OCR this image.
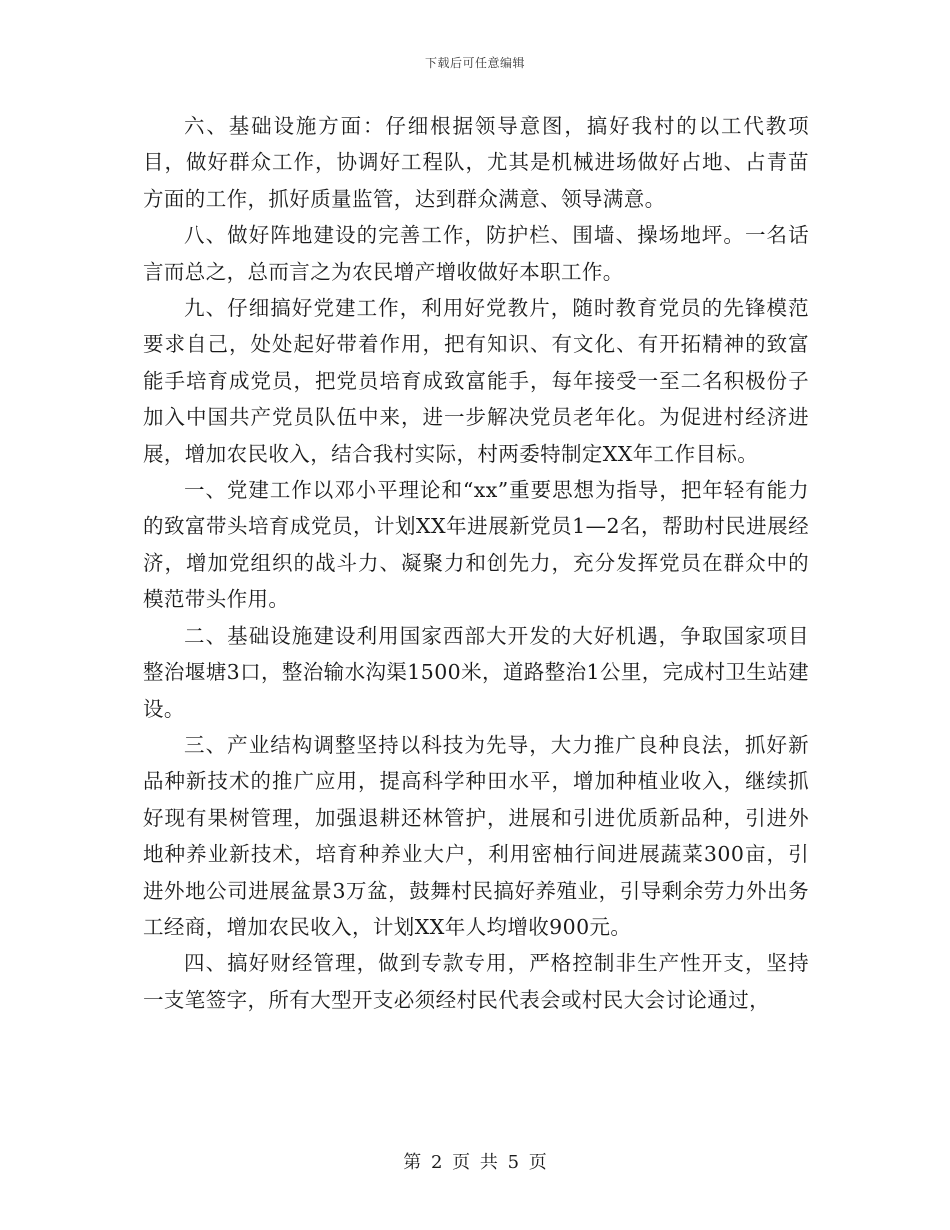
下载后可任意编辑

六、基础设施方面：仔细根据领导意图，搞好我村的以工代教项目，做好群众工作，协调好工程队，尤其是机械进场做好占地、占青苗方面的工作，抓好质量监管，达到群众满意、领导满意。

八、做好阵地建设的完善工作，防护栏、围墙、操场地坪。一名话言而总之，总而言之为农民增产增收做好本职工作。

九、仔细搞好党建工作，利用好党教片，随时教育党员的先锋模范要求自己，处处起好带着作用，把有知识、有文化、有开拓精神的致富能手培育成党员，把党员培育成致富能手，每年接受一至二名积极份子加入中国共产党员队伍中来，进一步解决党员老年化。为促进村经济进展，增加农民收入，结合我村实际，村两委特制定XX年工作目标。

一、党建工作以邓小平理论和“xx”重要思想为指导，把年轻有能力的致富带头培育成党员，计划XX年进展新党员1—2名，帮助村民进展经济，增加党组织的战斗力、凝聚力和创先力，充分发挥党员在群众中的模范带头作用。

二、基础设施建设利用国家西部大开发的大好机遇，争取国家项目整治堰塘3口，整治输水沟渠1500米，道路整治1公里，完成村卫生站建设。

三、产业结构调整坚持以科技为先导，大力推广良种良法，抓好新品种新技术的推广应用，提高科学种田水平，增加种植业收入，继续抓好现有果树管理，加强退耕还林管护，进展和引进优质新品种，引进外地种养业新技术，培育种养业大户，利用密柚行间进展蔬菜300亩，引进外地公司进展盆景3万盆，鼓舞村民搞好养殖业，引导剩余劳力外出务工经商，增加农民收入，计划XX年人均增收900元。

四、搞好财经管理，做到专款专用，严格控制非生产性开支，坚持一支笔签字，所有大型开支必须经村民代表会或村民大会讨论通过，

第 2 页 共 5 页
